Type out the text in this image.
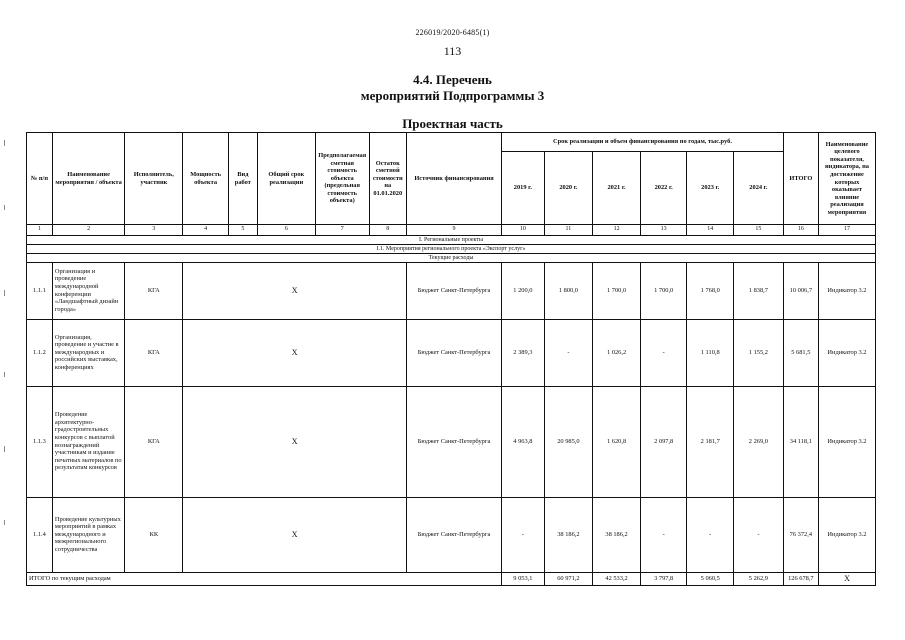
226019/2020-6485(1)
113
4.4. Перечень
мероприятий Подпрограммы 3
Проектная часть
№ п/п	Наименование мероприятия / объекта	Исполнитель, участник	Мощность объекта	Вид работ	Общий срок реализации	Предполагаемая сметная стоимость объекта (предельная стоимость объекта)	Остаток сметной стоимости на 01.01.2020	Источник финансирования	Срок реализации и объем финансирования по годам, тыс.руб.						ИТОГО	Наименование целевого показателя, индикатора, на достижение которых оказывает влияние реализация мероприятия
									2019 г.	2020 г.	2021 г.	2022 г.	2023 г.	2024 г.		
1	2	3	4	5	6	7	8	9	10	11	12	13	14	15	16	17
I. Региональные проекты																
I.1. Мероприятия регионального проекта «Экспорт услуг»																
Текущие расходы																
1.1.1	Организация и проведение международной конференции «Ландшафтный дизайн города»	КГА	Х					Бюджет Санкт-Петербурга	1 200,0	1 800,0	1 700,0	1 700,0	1 768,0	1 838,7	10 006,7	Индикатор 3.2
1.1.2	Организация, проведение и участие в международных и российских выставках, конференциях	КГА	Х					Бюджет Санкт-Петербурга	2 389,3	-	1 026,2	-	1 110,8	1 155,2	5 681,5	Индикатор 3.2
1.1.3	Проведение архитектурно-градостроительных конкурсов с выплатой вознаграждений участникам и издание печатных материалов по результатам конкурсов	КГА	Х					Бюджет Санкт-Петербурга	4 963,8	20 985,0	1 620,8	2 097,8	2 181,7	2 269,0	34 118,1	Индикатор 3.2
1.1.4	Проведение культурных мероприятий в рамках международного и межрегионального сотрудничества	КК	Х					Бюджет Санкт-Петербурга	-	38 186,2	38 186,2	-	-	-	76 372,4	Индикатор 3.2
ИТОГО по текущим расходам									9 053,1	60 971,2	42 533,2	3 797,8	5 060,5	5 262,9	126 678,7	Х
